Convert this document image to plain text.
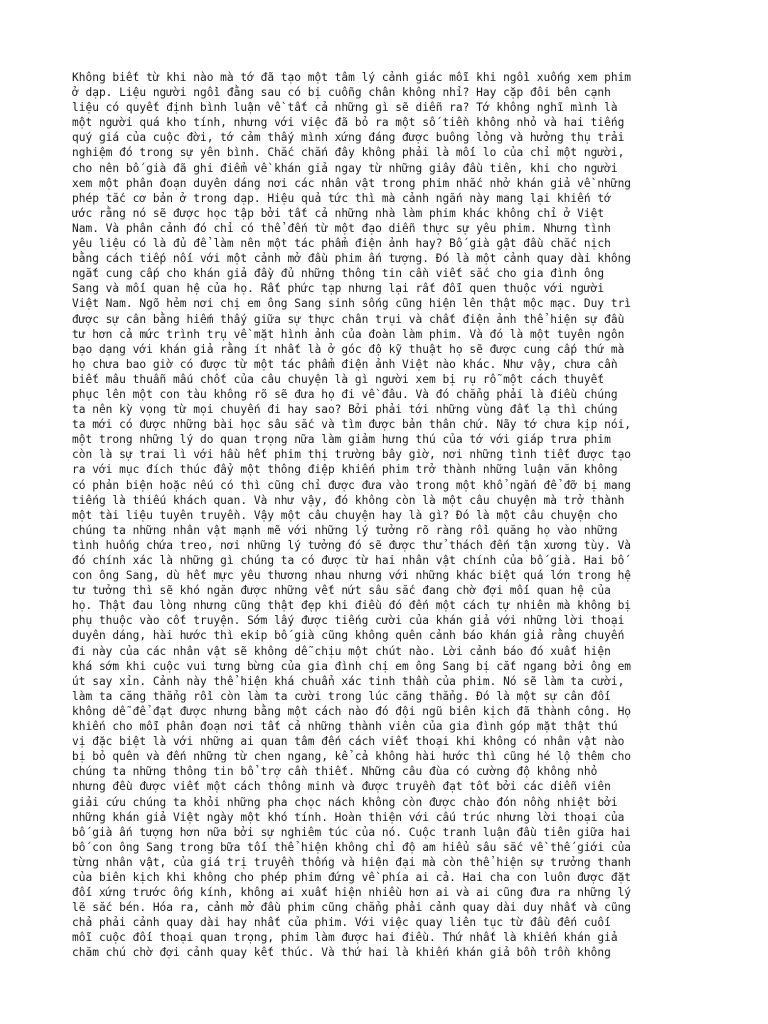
Không biết từ khi nào mà tớ đã tạo một tâm lý cảnh giác mỗi khi ngồi xuống xem phim
ở dạp. Liệu người ngồi đằng sau có bị cuỗng chân không nhỉ? Hay cặp đôi bên cạnh
liệu có quyết định bình luận về tất cả những gì sẽ diễn ra? Tớ không nghĩ mình là
một người quá kho tính, nhưng với việc đã bỏ ra một số tiền không nhỏ và hai tiếng
quý giá của cuộc đời, tớ cảm thấy mình xứng đáng được buông lỏng và hưởng thụ trải
nghiệm đó trong sự yên bình. Chắc chắn đây không phải là mối lo của chỉ một người,
cho nên bố già đã ghi điểm về khán giả ngay từ những giây đầu tiên, khi cho người
xem một phân đoạn duyên dáng nơi các nhân vật trong phim nhắc nhở khán giả về những
phép tắc cơ bản ở trong dạp. Hiệu quả tức thì mà cảnh ngắn này mang lại khiến tớ
ước rằng nó sẽ được học tập bởi tất cả những nhà làm phim khác không chỉ ở Việt
Nam. Và phân cảnh đó chỉ có thể đến từ một đạo diễn thực sự yêu phim. Nhưng tình
yêu liệu có là đủ để làm nên một tác phẩm điện ảnh hay? Bố già gật đầu chắc nịch
bằng cách tiếp nối với một cảnh mở đầu phim ấn tượng. Đó là một cảnh quay dài không
ngắt cung cấp cho khán giả đầy đủ những thông tin cần viết sắc cho gia đình ông
Sang và mối quan hệ của họ. Rất phức tạp nhưng lại rất đỗi quen thuộc với người
Việt Nam. Ngõ hẻm nơi chị em ông Sang sinh sống cũng hiện lên thật mộc mạc. Duy trì
được sự cân bằng hiếm thấy giữa sự thực chân trụi và chất điện ảnh thể hiện sự đầu
tư hơn cả mức trình trụ về mặt hình ảnh của đoàn làm phim. Và đó là một tuyên ngôn
bạo dạng với khán giả rằng ít nhất là ở góc độ kỹ thuật họ sẽ được cung cấp thứ mà
họ chưa bao giờ có được từ một tác phẩm điện ảnh Việt nào khác. Như vậy, chưa cần
biết mâu thuẫn mấu chốt của câu chuyện là gì người xem bị rụ rỗ một cách thuyết
phục lên một con tàu không rõ sẽ đưa họ đi về đâu. Và đó chẳng phải là điều chúng
ta nên kỳ vọng từ mọi chuyến đi hay sao? Bởi phải tới những vùng đất lạ thì chúng
ta mới có được những bài học sâu sắc và tìm được bản thân chứ. Nãy tớ chưa kịp nói,
một trong những lý do quan trọng nữa làm giảm hưng thú của tớ với giáp trưa phim
còn là sự trai lì với hầu hết phim thị trường bây giờ, nơi những tình tiết được tạo
ra với mục đích thúc đẩy một thông điệp khiến phim trở thành những luận văn không
có phản biện hoặc nếu có thì cũng chỉ được đưa vào trong một khổ ngắn để đỡ bị mang
tiếng là thiếu khách quan. Và như vậy, đó không còn là một câu chuyện mà trở thành
một tài liệu tuyên truyền. Vậy một câu chuyện hay là gì? Đó là một câu chuyện cho
chúng ta những nhân vật mạnh mẽ với những lý tưởng rõ ràng rồi quăng họ vào những
tình huống chứa treo, nơi những lý tưởng đó sẽ được thử thách đến tận xương tùy. Và
đó chính xác là những gì chúng ta có được từ hai nhân vật chính của bố già. Hai bố
con ông Sang, dù hết mực yêu thương nhau nhưng với những khác biệt quá lớn trong hệ
tư tưởng thì sẽ khó ngăn được những vết nứt sâu sắc đang chờ đợi mối quan hệ của
họ. Thật đau lòng nhưng cũng thật đẹp khi điều đó đến một cách tự nhiên mà không bị
phụ thuộc vào cốt truyện. Sớm lấy được tiếng cười của khán giả với những lời thoại
duyên dáng, hài hước thì ekip bố già cũng không quên cảnh báo khán giả rằng chuyến
đi này của các nhân vật sẽ không dễ chịu một chút nào. Lời cảnh báo đó xuất hiện
khá sớm khi cuộc vui tưng bừng của gia đình chị em ông Sang bị cắt ngang bởi ông em
út say xỉn. Cảnh này thể hiện khá chuẩn xác tinh thần của phim. Nó sẽ làm ta cười,
làm ta căng thẳng rồi còn làm ta cười trong lúc căng thẳng. Đó là một sự cân đối
không dễ để đạt được nhưng bằng một cách nào đó đội ngũ biên kịch đã thành công. Họ
khiến cho mỗi phân đoạn nơi tất cả những thành viên của gia đình góp mặt thật thú
vị đặc biệt là với những ai quan tâm đến cách viết thoại khi không có nhân vật nào
bị bỏ quên và đến những từ chen ngang, kể cả không hài hước thì cũng hé lộ thêm cho
chúng ta những thông tin bổ trợ cần thiết. Những câu đùa có cường độ không nhỏ
nhưng đều được viết một cách thông minh và được truyền đạt tốt bởi các diễn viên
giải cứu chúng ta khỏi những pha chọc nách không còn được chào đón nồng nhiệt bởi
những khán giả Việt ngày một khó tính. Hoàn thiện với cấu trúc nhưng lời thoại của
bố già ấn tượng hơn nữa bởi sự nghiêm túc của nó. Cuộc tranh luận đầu tiên giữa hai
bố con ông Sang trong bữa tối thể hiện không chỉ độ am hiểu sâu sắc về thế giới của
từng nhân vật, của giá trị truyền thống và hiện đại mà còn thể hiện sự trưởng thanh
của biên kịch khi không cho phép phim đứng về phía ai cả. Hai cha con luôn được đặt
đối xứng trước ống kính, không ai xuất hiện nhiều hơn ai và ai cũng đưa ra những lý
lẽ sắc bén. Hóa ra, cảnh mở đầu phim cũng chẳng phải cảnh quay dài duy nhất và cũng
chả phải cảnh quay dài hay nhất của phim. Với việc quay liên tục từ đầu đến cuối
mỗi cuộc đối thoại quan trọng, phim làm được hai điều. Thứ nhất là khiến khán giả
chăm chú chờ đợi cảnh quay kết thúc. Và thứ hai là khiến khán giả bồn trồn không
